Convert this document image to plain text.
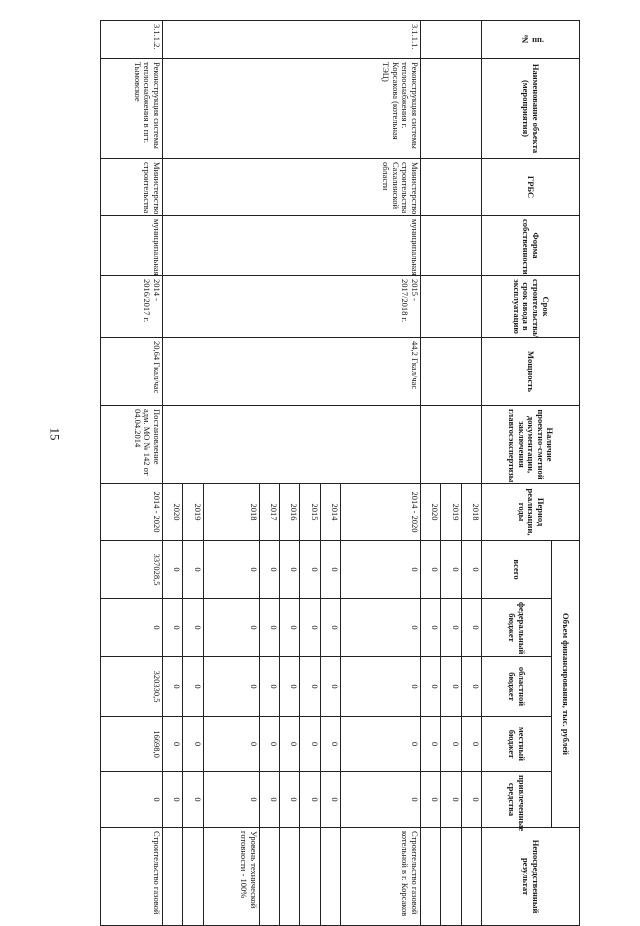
15
№ пп.	Наименование объекта (мероприятия)	ГРБС	Форма собственности	Срок строительства/срок ввода в эксплуатацию	Мощность	Наличие проектно-сметной документации, заключения главгосэкспертизы	Период реализации, годы	Объем финансирования, тыс. рублей					Непосредственный результат
								всего	федеральный бюджет	областной бюджет	местный бюджет	привлеченные средства	
							2018	0	0	0	0	0	
							2019	0	0	0	0	0	
							2020	0	0	0	0	0	
3.1.1.1.	Реконструкция системы теплоснабжения г. Корсакова (котельная ТЭЦ)	Министерство строительства Сахалинской области	муниципальная	2015 - 2017/2018 г.	44,2 Гкал/час		2014 - 2020	0	0	0	0	0	Строительство газовой котельной в г. Корсаков
							2014	0	0	0	0	0	
							2015	0	0	0	0	0	
							2016	0	0	0	0	0	
							2017	0	0	0	0	0	
							2018	0	0	0	0	0	Уровень технической готовности - 100%
							2019	0	0	0	0	0	
							2020	0	0	0	0	0	
3.1.1.2.	Реконструкция системы теплоснабжения в пгт. Тымовское	Министерство строительства	муниципальная	2014 - 2016/2017 г.	20,64 Гкал/час	Постановление адм. МО № 142 от 04.04.2014	2014 - 2020	337028,5	0	320330,5	16698,0	0	Строительство газовой
